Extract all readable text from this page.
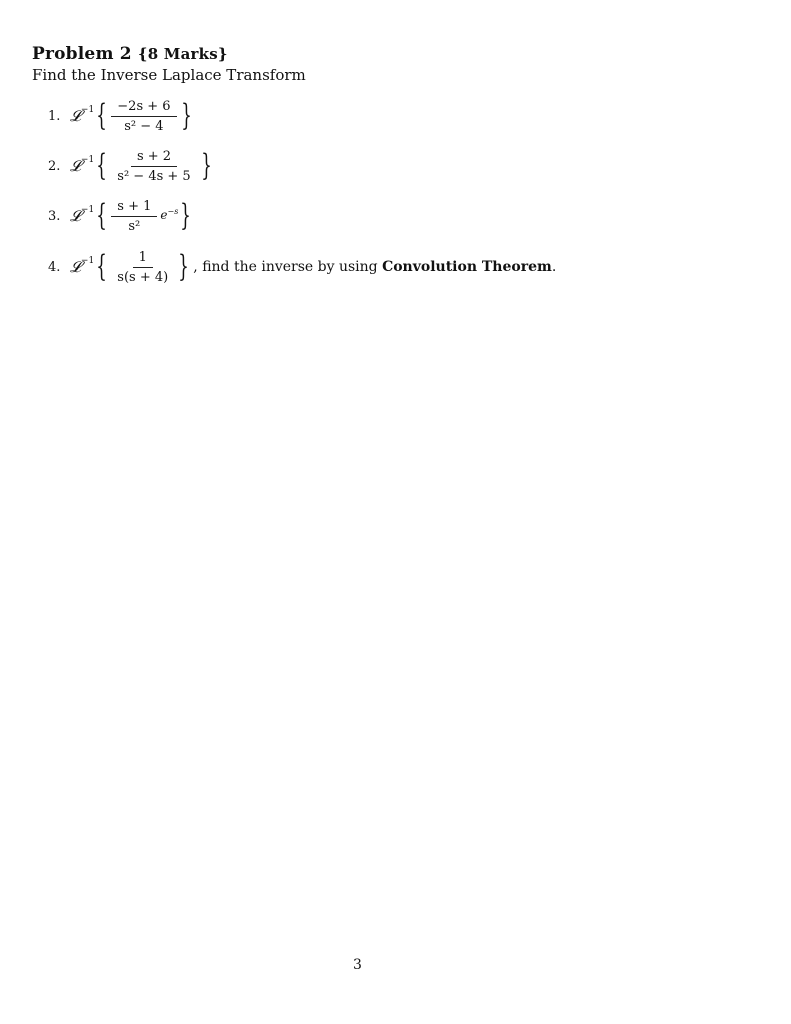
Problem 2 {8 Marks}
Find the Inverse Laplace Transform
1. 𝓛$^{-1}$ { $\frac{-2s + 6}{\text{s² − 4}}$ }
2. 𝓛$^{-1}$ { $\frac{s + 2}{\text{s² − 4s + 5}}$ }
3. 𝓛$^{-1}$ { $\frac{s + 1}{\text{s²}} e^{-s}$ }
4. 𝓛$^{-1}$ { $\frac{1}{s(s + 4)}$ } , find the inverse by using Convolution Theorem.
3
